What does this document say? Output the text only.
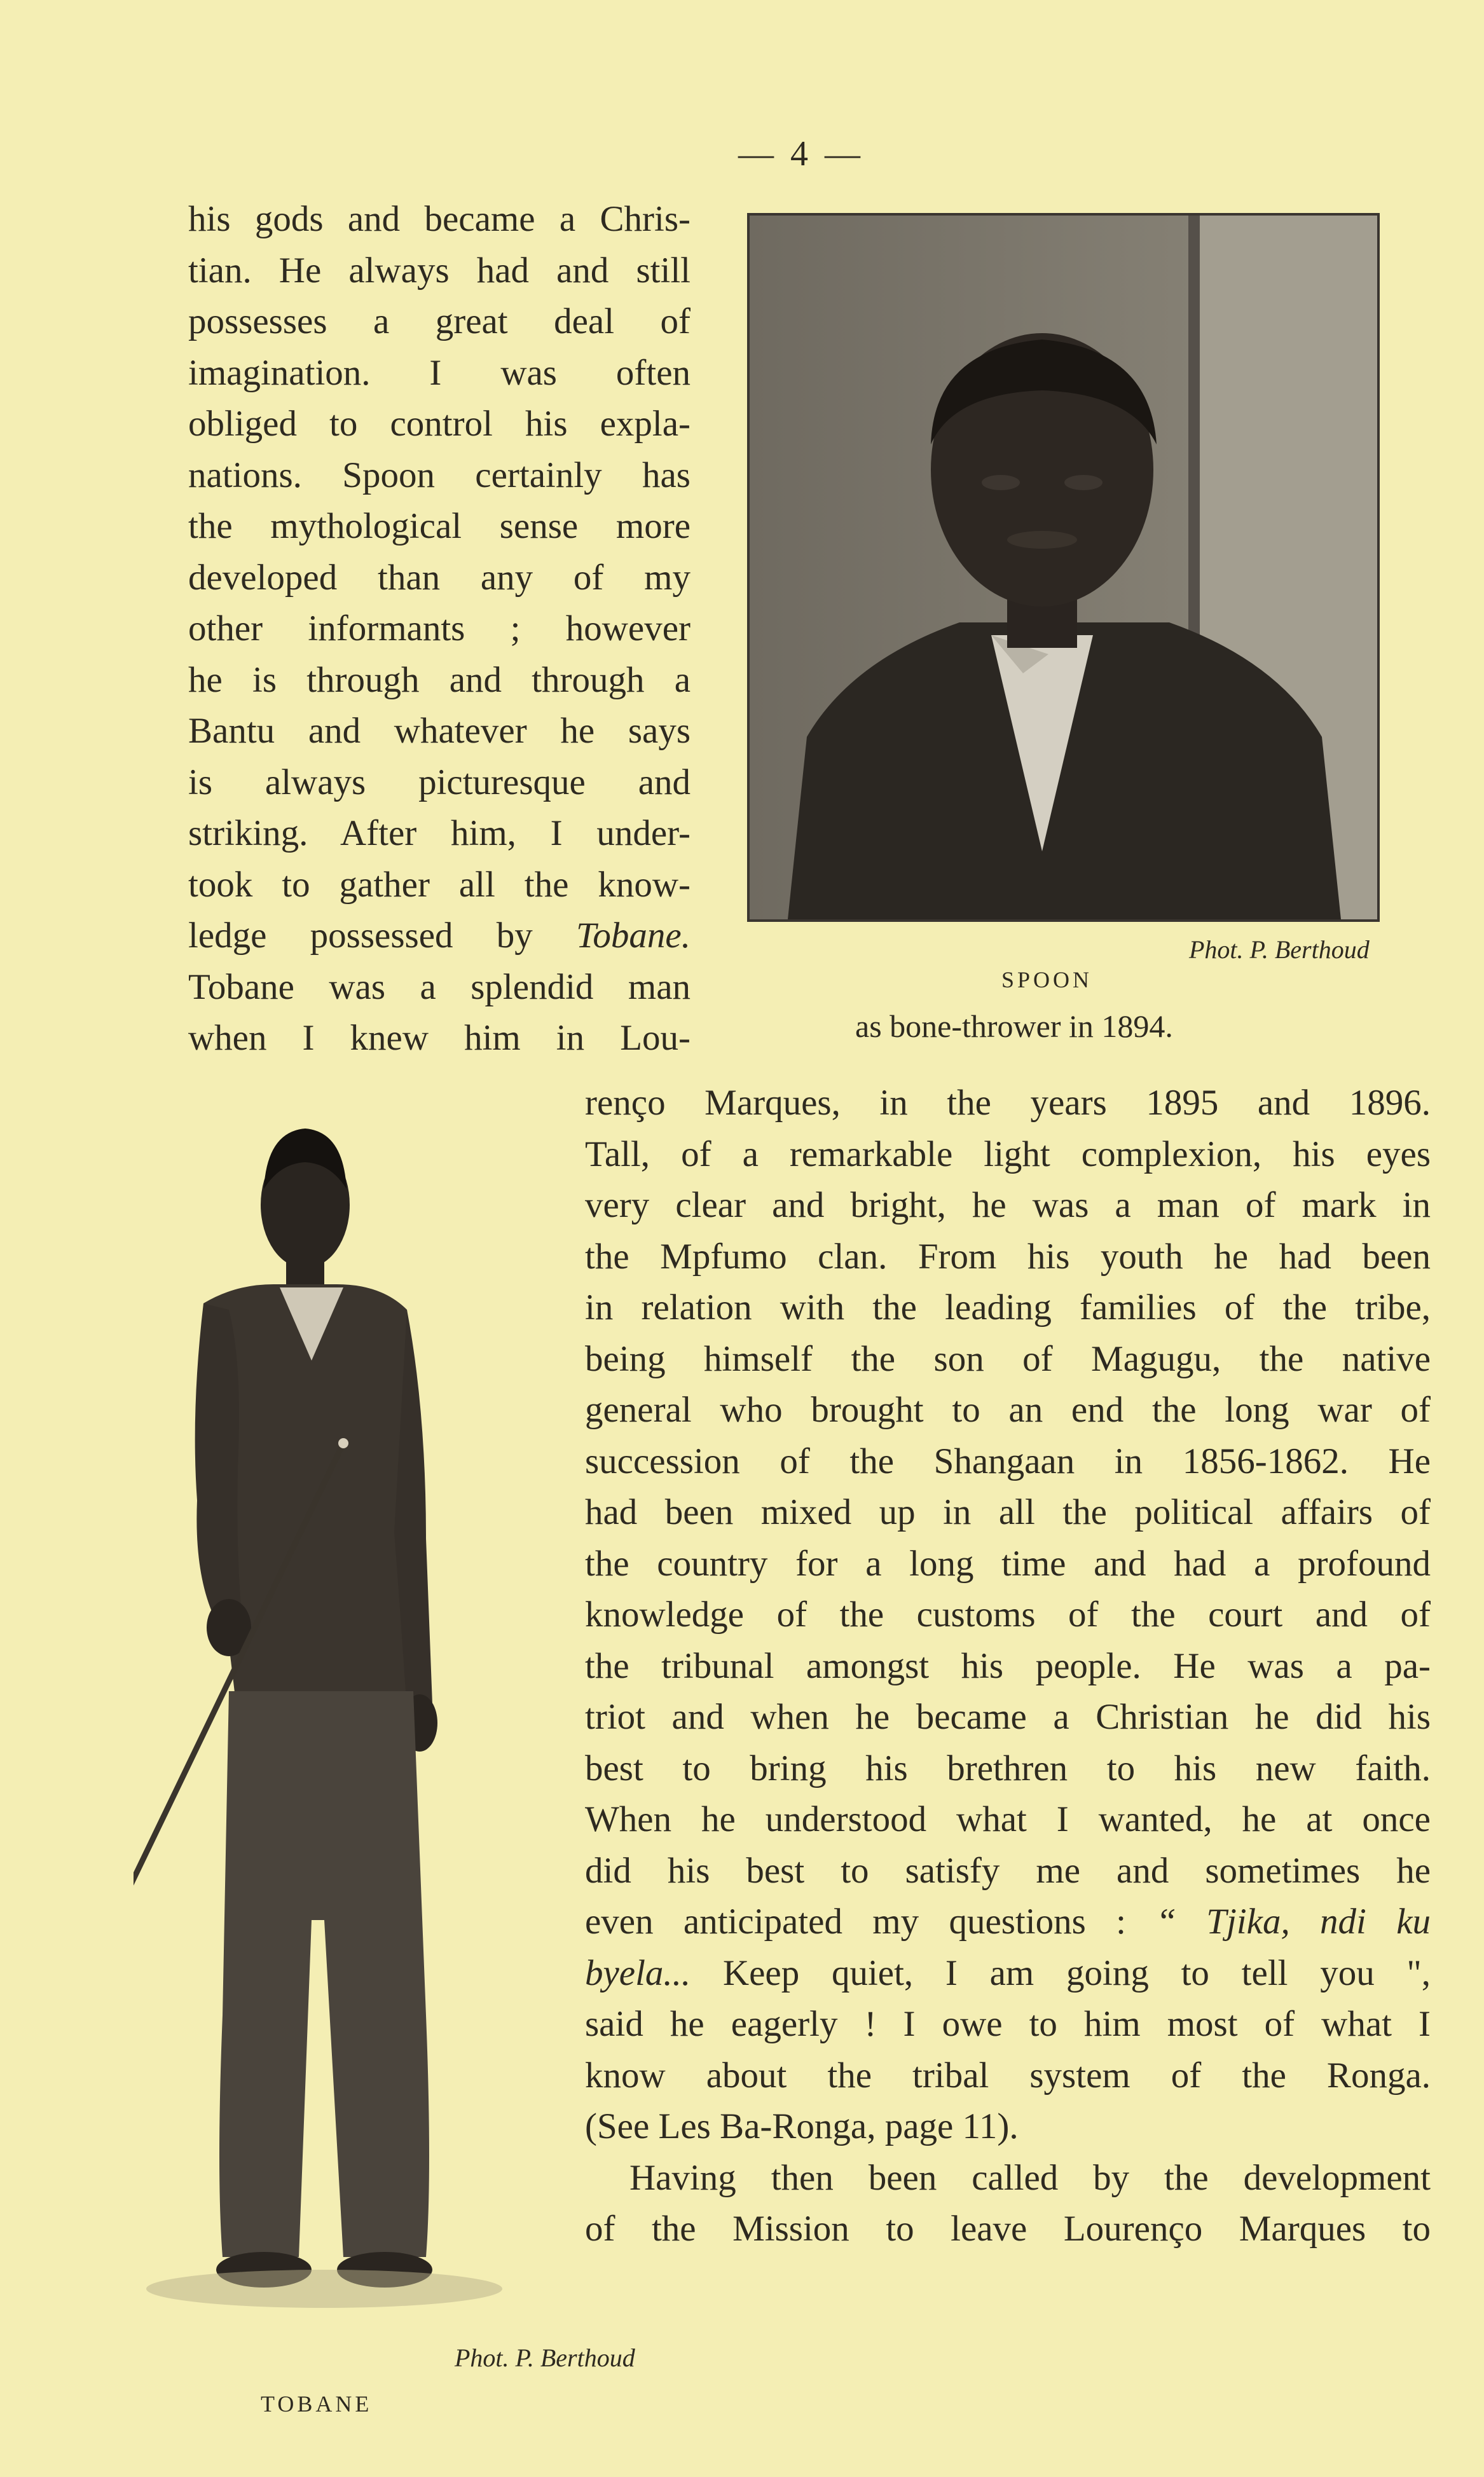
— 4 —
his gods and became a Chris-
tian. He always had and still
possesses a great deal of
imagination. I was often
obliged to control his expla-
nations. Spoon certainly has
the mythological sense more
developed than any of my
other informants ; however
he is through and through a
Bantu and whatever he says
is always picturesque and
striking. After him, I under-
took to gather all the know-
ledge possessed by Tobane.
Tobane was a splendid man
when I knew him in Lou-
Phot. P. Berthoud
SPOON
as bone-thrower in 1894.
Phot. P. Berthoud
TOBANE
renço Marques, in the years 1895 and 1896.
Tall, of a remarkable light complexion, his eyes
very clear and bright, he was a man of mark in
the Mpfumo clan. From his youth he had been
in relation with the leading families of the tribe,
being himself the son of Magugu, the native
general who brought to an end the long war of
succession of the Shangaan in 1856-1862. He
had been mixed up in all the political affairs of
the country for a long time and had a profound
knowledge of the customs of the court and of
the tribunal amongst his people. He was a pa-
triot and when he became a Christian he did his
best to bring his brethren to his new faith.
When he understood what I wanted, he at once
did his best to satisfy me and sometimes he
even anticipated my questions : “ Tjika, ndi ku
byela... Keep quiet, I am going to tell you ",
said he eagerly ! I owe to him most of what I
know about the tribal system of the Ronga.
(See Les Ba-Ronga, page 11).
Having then been called by the development
of the Mission to leave Lourenço Marques to
